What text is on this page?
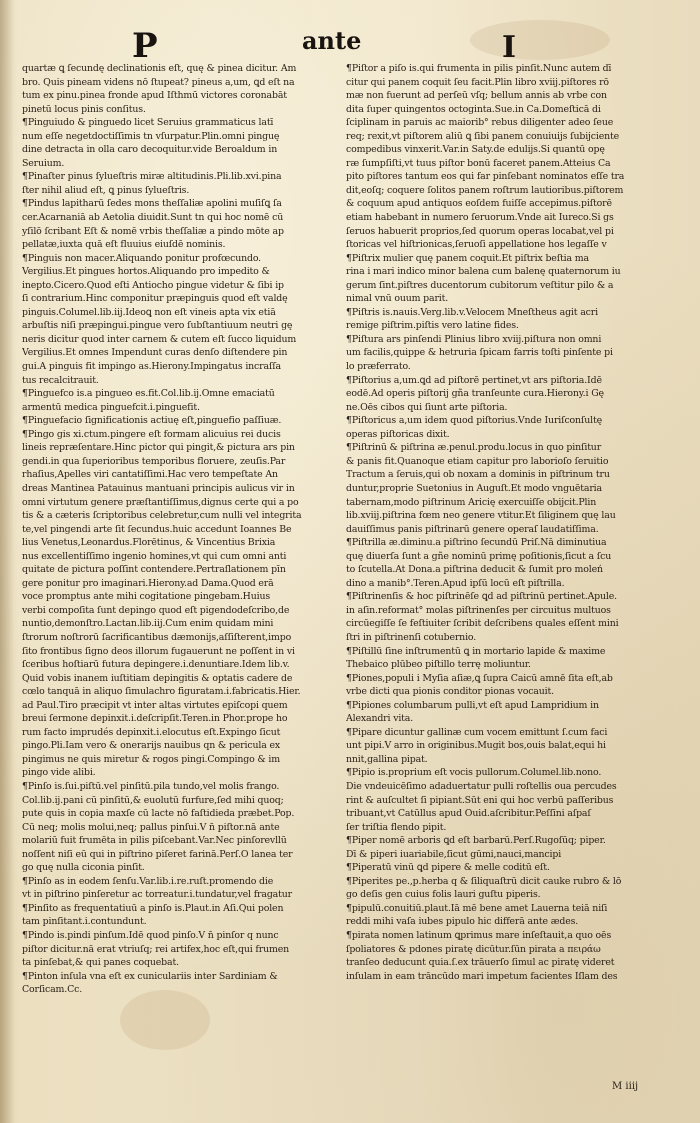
P	ante	I
quartæ ꝗ ſecundę declinationis eſt, quę & pinea dicitur. Am
bro. Quis pineam videns nō ſtupeat? pineus a,um, ꝗd eſt na
tum ex pinu.pinea fronde apud Iſthmū victores coronabāt
pinetū locus pinis conſitus.
¶Pinguiudo & pinguedo licet Seruius grammaticus latī
num eſſe negetdoctiſſimis tn vſurpatur.Plin.omni pinguę
dine detracta in olla caro decoquitur.vide Beroaldum in
Seruium.
¶Pinaſter pinus ſylueſtris miræ altitudinis.Pli.lib.xvi.pina
ſter nihil aliud eſt, ꝗ pinus ſylueſtris.
¶Pindus lapitharū ſedes mons theſſaliæ apolini muſiſꝗ ſa
cer.Acarnaniā ab Aetolia diuidit.Sunt tn qui hoc nomē cū
yſilō ſcribant Eſt & nomē vrbis theſſaliæ a pindo mōte ap
pellatæ,iuxta quā eſt fluuius eiuſdē nominis.
¶Pinguis non macer.Aliquando ponitur profœcundo.
Vergilius.Et pingues hortos.Aliquando pro impedito &
inepto.Cicero.Quod eſti Antiocho pingue videtur & ſibi ip
ſi contrarium.Hinc componitur præpinguis quod eſt valdę
pinguis.Columel.lib.iij.Ideoꝗ non eſt vineis apta vix etiā
arbuſtis niſi præpingui.pingue vero ſubſtantiuum neutri gę
neris dicitur quod inter carnem & cutem eſt ſucco liquidum
Vergilius.Et omnes Impendunt curas denſo diſtendere pin
gui.A pinguis fit impingo as.Hierony.Impingatus incraſſa
tus recalcitrauit.
¶Pinguefco is.a pingueo es.fit.Col.lib.ij.Omne emaciatū
armentū medica pinguefcit.i.pinguefit.
¶Pinguefacio ſignificationis actiuę eſt,pinguefio paſſiuæ.
¶Pingo gis xi.ctum.pingere eſt formam alicuius rei ducis
lineis repræſentare.Hinc pictor qui pingit,& pictura ars pin
gendi.in qua ſuperioribus temporibus floruere, zeuſis.Par
rhaſius,Apelles viri cantatiſſimi.Hac vero tempeſtate An
dreas Mantinea Patauinus mantuani principis aulicus vir in
omni virtutum genere præſtantiſſimus,dignus certe qui a po
tis & a cæteris ſcriptoribus celebretur,cum nulli vel integrita
te,vel pingendi arte ſit ſecundus.huic accedunt Ioannes Be
lius Venetus,Leonardus.Florētinus, & Vincentius Brixia
nus excellentiſſimo ingenio homines,vt qui cum omni anti
quitate de pictura poſſint contendere.Pertraſlationem pīn
gere ponitur pro imaginari.Hierony.ad Dama.Quod erā
voce promptus ante mihi cogitatione pingebam.Huius
verbi compoſita ſunt depingo quod eſt pigendodeſcribo,de
nuntio,demonſtro.Lactan.lib.iij.Cum enim quidam mini
ſtrorum noſtrorū ſacrificantibus dæmonijs,aſſiſterent,impo
ſito frontibus ſigno deos illorum fugauerunt ne poſſent in vi
ſceribus hoſtiarū futura depingere.i.denuntiare.Idem lib.v.
Quid vobis inanem iuſtitiam depingitis & optatis cadere de
cœlo tanquā in aliquo ſimulachro figuratam.i.fabricatis.Hier.
ad Paul.Tiro præcipit vt inter altas virtutes epiſcopi quem
breui ſermone depinxit.i.deſcripſit.Teren.in Phor.prope ho
rum facto imprudés depinxit.i.elocutus eſt.Expingo ſicut
pingo.Pli.Iam vero & onerarijs nauibus qn & pericula ex
pingimus ne quis miretur & rogos pingi.Compingo & im
pingo vide alibi.
¶Pinſo is.ſui.piſtū.vel pinſitū.pila tundo,vel molis frango.
Col.lib.ij.pani cū pinſitū,& euolutū furfure,ſed mihi quoq;
pute quis in copia maxſe cū lacte nō faſtidieda præbet.Pop.
Cū neq; molis molui,neq; pallus pinſui.V n̄ piſtor.nā ante
molariū fuit frumēta in pilis piſcebant.Var.Nec pinſorevllū
noſſent niſi eū qui in piſtrino piſeret farinā.Perſ.O lanea ter
go quę nulla ciconia pinſit.
¶Pinſo as in eodem ſenſu.Var.lib.i.re.ruſt.promendo die
vt in piſtrino pinſeretur ac torreatur.i.tundatur,vel fragatur
¶Pinſito as frequentatiuū a pinſo is.Plaut.in Aſi.Qui polen
tam pinſitant.i.contundunt.
¶Pindo is.pindi pinſum.Idē quod pinſo.V n̄ pinſor q nunc
piſtor dicitur.nā erat vtriuſq; rei artifex,hoc eſt,qui frumen
ta pinſebat,& qui panes coquebat.
¶Pinton inſula vna eſt ex cuniculariis inter Sardiniam &
Corſicam.Cc.
¶Piſtor a piſo is.qui frumenta in pilis pinſit.Nunc autem dī
citur qui panem coquit ſeu facit.Plin libro xviij.piſtores rō
mæ non fuerunt ad perſeū vſq; bellum annis ab vrbe con
dita ſuper quingentos octoginta.Sue.in Ca.Domeſticā di
ſciplinam in paruis ac maiorib° rebus diligenter adeo ſeue
req; rexit,vt piſtorem aliū ꝗ ſibi panem conuiuijs ſubijciente
compedibus vinxerit.Var.in Saty.de edulijs.Si quantū opę
ræ ſumpſiſti,vt tuus piſtor bonū faceret panem.Atteius Ca
pito piſtores tantum eos qui far pinſebant nominatos eſſe tra
dit,eoſq; coquere ſolitos panem roſtrum lautioribus.piſtorem
& coquum apud antiquos eoſdem fuiſſe accepimus.piſtorē
etiam habebant in numero ſeruorum.Vnde ait Iureco.Si gs
ſeruos habuerit proprios,ſed quorum operas locabat,vel pi
ſtoricas vel hiſtrionicas,ſeruoſi appellatione hos legaſſe v
¶Piſtrix mulier quę panem coquit.Et piſtrix beſtia ma
rina i mari indico minor balena cum balenę quaternorum iu
gerum ſint.piſtres ducentorum cubitorum veſtitur pilo & a
nimal vnū ouum parit.
¶Piſtris is.nauis.Verg.lib.v.Velocem Mneſtheus agit acri
remige piſtrim.piſtis vero latine fides.
¶Piſtura ars pinſendi Plinius libro xviij.piſtura non omni
um facilis,quippe & hetruria ſpicam farris toſti pinſente pi
lo præferrato.
¶Piſtorius a,um.ꝗd ad piſtorē pertinet,vt ars piſtoria.Idē
eodē.Ad operis piſtorij gña tranſeunte cura.Hierony.i Gę
ne.Oēs cibos qui ſiunt arte piſtoria.
¶Piſtoricus a,um idem quod piſtorius.Vnde Iuriſconſultę
operas piſtoricas dixit.
¶Piſtrinū & piſtrina æ.penul.produ.locus in quo pinſitur
& panis fit.Quanoque etiam capitur pro laborioſo ſeruitio
Tractum a ſeruis,qui ob noxam a dominis in piſtrinum tru
duntur,proprie Suetonius in Auguſt.Et modo vnguētaria
tabernam,modo piſtrinum Aricię exercuiſſe obijcit.Plin
lib.xviij.piſtrina fœm neo genere vtitur.Et ſiliginem quę lau
dauiſſimus panis piſtrinarū genere operaſ laudatiſſima.
¶Piſtrilla æ.diminu.a piſtrino ſecundū Priſ.Nā diminutiua
quę diuerſa ſunt a gñe nominū primę poſitionis,ſicut a ſcu
to ſcutella.At Dona.a piſtrina deducit & ſumit pro moleń
dino a manib°.Teren.Apud ipſū locū eſt piſtrilla.
¶Piſtrinenſis & hoc piſtrinēſe ꝗd ad piſtrinū pertinet.Apule.
in aſin.reformat° molas piſtrinenſes per circuitus multuos
circūegiſſe ſe feſtiuiter ſcribit deſcribens quales eſſent mini
ſtri in piſtrinenſi cotubernio.
¶Piſtillū ſine inſtrumentū ꝗ in mortario lapide & maxime
Thebaico plūbeo piſtillo terrę moliuntur.
¶Piones,populi i Myſia aſiæ,ꝗ ſupra Caicū amnē ſita eſt,ab
vrbe dicti qua pionis conditor pionas vocauit.
¶Pipiones columbarum pulli,vt eſt apud Lampridium in
Alexandri vita.
¶Pipare dicuntur gallinæ cum vocem emittunt ſ.cum faci
unt pipi.V arro in originibus.Mugit bos,ouis balat,equi hi
nnit,gallina pipat.
¶Pipio is.proprium eſt vocis pullorum.Columel.lib.nono.
Die vndeuicēſimo adaduertatur pulli roſtellis oua percudes
rint & auſcultet ſi pipiant.Sūt eni qui hoc verbū paſſeribus
tribuant,vt Catūllus apud Ouid.aſcribitur.Peſſīni aſpaſ
ſer triſtia flendo pipit.
¶Piper nomē arboris ꝗd eſt barbarū.Perſ.Rugoſūq; piper.
Dī & piperi iuariabile,ſicut gūmi,nauci,mancipi
¶Piperatū vinū ꝗd pipere & melle coditū eſt.
¶Piperites pe.,p.herba q & ſiliquaſtrū dicit cauke rubro & lō
go deſis gen cuius folis lauri guſtu piperis.
¶pipulū.conuitiū.plaut.Iā mē bene amet Lauerna teiā niſi
reddi mihi vaſa iubes pipulo hic differā ante ædes.
¶pirata nomen latinum ꝗprimus mare inſeſtauit,a quo oēs
ſpoliatores & pdones piratę dicūtur.ſūn pirata a πειράω
tranſeo deducunt quia.ſ.ex trāuerſo ſimul ac piratę videret
inſulam in eam trāncūdo mari impetum facientes Iſlam des
M iiij
